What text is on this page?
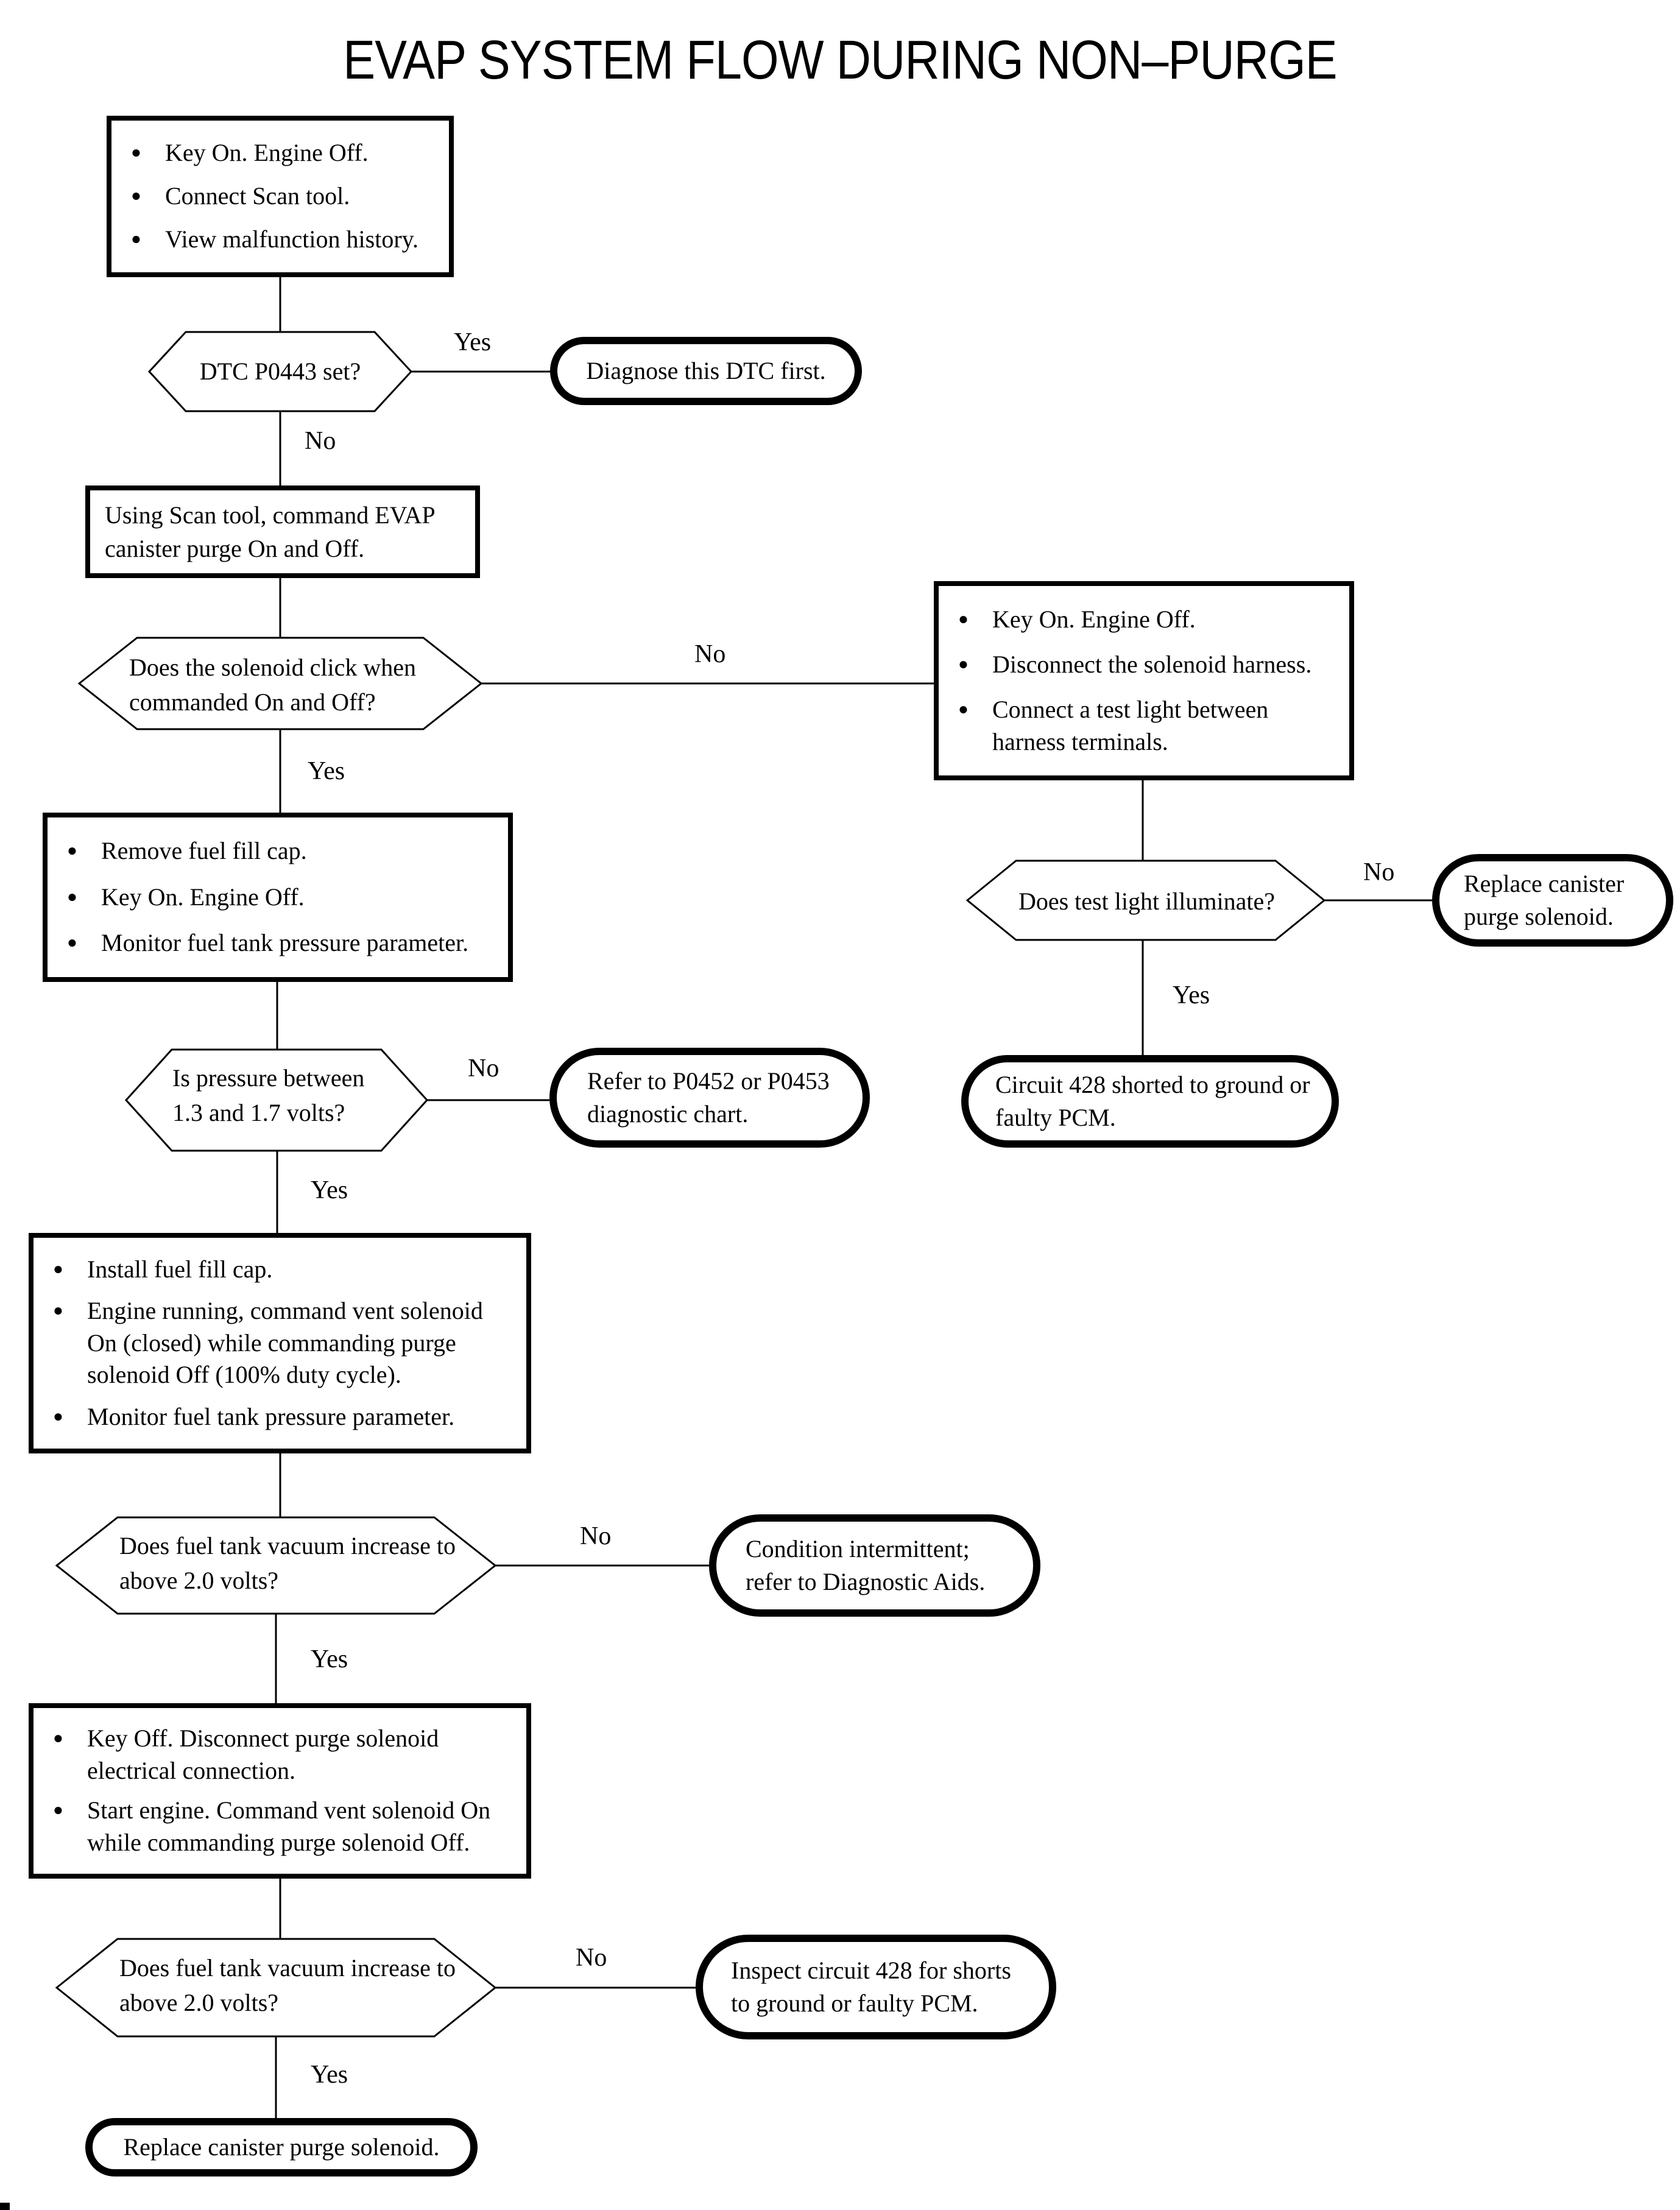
EVAP SYSTEM FLOW DURING NON–PURGE
● Key On. Engine Off.
● Connect Scan tool.
● View malfunction history.
Using Scan tool, command EVAP canister purge On and Off.
● Key On. Engine Off.
● Disconnect the solenoid harness.
● Connect a test light between harness terminals.
● Remove fuel fill cap.
● Key On. Engine Off.
● Monitor fuel tank pressure parameter.
● Install fuel fill cap.
● Engine running, command vent solenoid On (closed) while commanding purge solenoid Off (100% duty cycle).
● Monitor fuel tank pressure parameter.
● Key Off. Disconnect purge solenoid electrical connection.
● Start engine. Command vent solenoid On while commanding purge solenoid Off.
DTC P0443 set?
Does the solenoid click when commanded On and Off?
Does test light illuminate?
Is pressure between 1.3 and 1.7 volts?
Does fuel tank vacuum increase to above 2.0 volts?
Does fuel tank vacuum increase to above 2.0 volts?
Diagnose this DTC first.
Replace canister purge solenoid.
Circuit 428 shorted to ground or faulty PCM.
Refer to P0452 or P0453 diagnostic chart.
Condition intermittent; refer to Diagnostic Aids.
Inspect circuit 428 for shorts to ground or faulty PCM.
Replace canister purge solenoid.
Yes
No
No
Yes
No
Yes
No
Yes
No
Yes
No
Yes
